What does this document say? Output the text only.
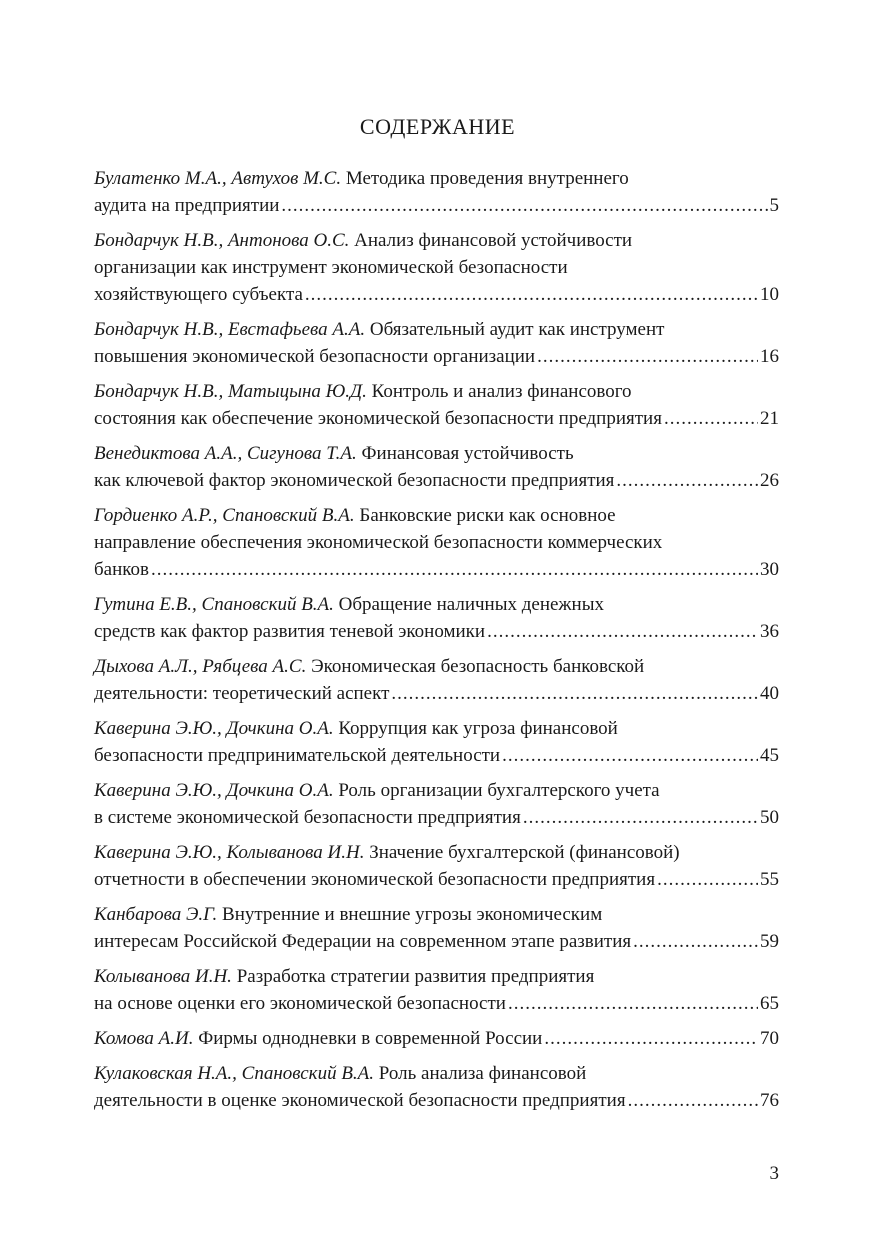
СОДЕРЖАНИЕ
Булатенко М.А., Автухов М.С. Методика проведения внутреннего
аудита на предприятии .....	5
Бондарчук Н.В., Антонова О.С. Анализ финансовой устойчивости
организации как инструмент экономической безопасности
хозяйствующего субъекта .....	10
Бондарчук Н.В., Евстафьева А.А. Обязательный аудит как инструмент
повышения экономической безопасности организации .....	16
Бондарчук Н.В., Матыцына Ю.Д. Контроль и анализ финансового
состояния как обеспечение экономической безопасности предприятия .....	21
Венедиктова А.А., Сигунова Т.А. Финансовая устойчивость
как ключевой фактор экономической безопасности предприятия .....	26
Гордиенко А.Р., Спановский В.А. Банковские риски как основное
направление обеспечения экономической безопасности коммерческих
банков .....	30
Гутина Е.В., Спановский В.А. Обращение наличных денежных
средств как фактор развития теневой экономики .....	36
Дыхова А.Л., Рябцева А.С. Экономическая безопасность банковской
деятельности: теоретический аспект .....	40
Каверина Э.Ю., Дочкина О.А. Коррупция как угроза финансовой
безопасности предпринимательской деятельности .....	45
Каверина Э.Ю., Дочкина О.А. Роль организации бухгалтерского учета
в системе экономической безопасности предприятия .....	50
Каверина Э.Ю., Колыванова И.Н. Значение бухгалтерской (финансовой)
отчетности в обеспечении экономической безопасности предприятия .....	55
Канбарова Э.Г. Внутренние и внешние угрозы экономическим
интересам Российской Федерации на современном этапе развития .....	59
Колыванова И.Н. Разработка стратегии развития предприятия
на основе оценки его экономической безопасности .....	65
Комова А.И. Фирмы однодневки в современной России .....	70
Кулаковская Н.А., Спановский В.А. Роль анализа финансовой
деятельности в оценке экономической безопасности предприятия .....	76
3
